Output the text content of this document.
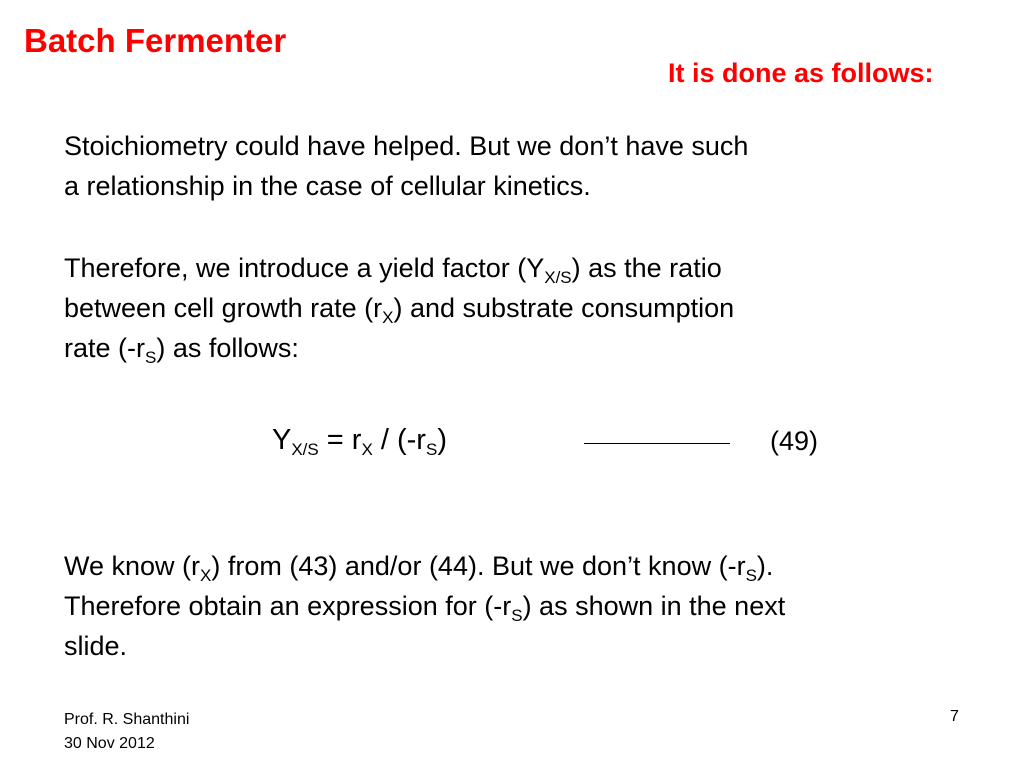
Batch Fermenter
It is done as follows:
Stoichiometry could have helped. But we don’t have such
a relationship in the case of cellular kinetics.
Therefore, we introduce a yield factor $(Y_{X/S})$ as the ratio
between cell growth rate $(r_X)$ and substrate consumption
rate $(-r_S)$ as follows:
$Y_{X/S} = r_X / (-r_S)$	(49)
We know $(r_X)$ from (43) and/or (44). But we don’t know $(-r_S)$.
Therefore obtain an expression for $(-r_S)$ as shown in the next
slide.
Prof. R. Shanthini
30 Nov 2012
7
